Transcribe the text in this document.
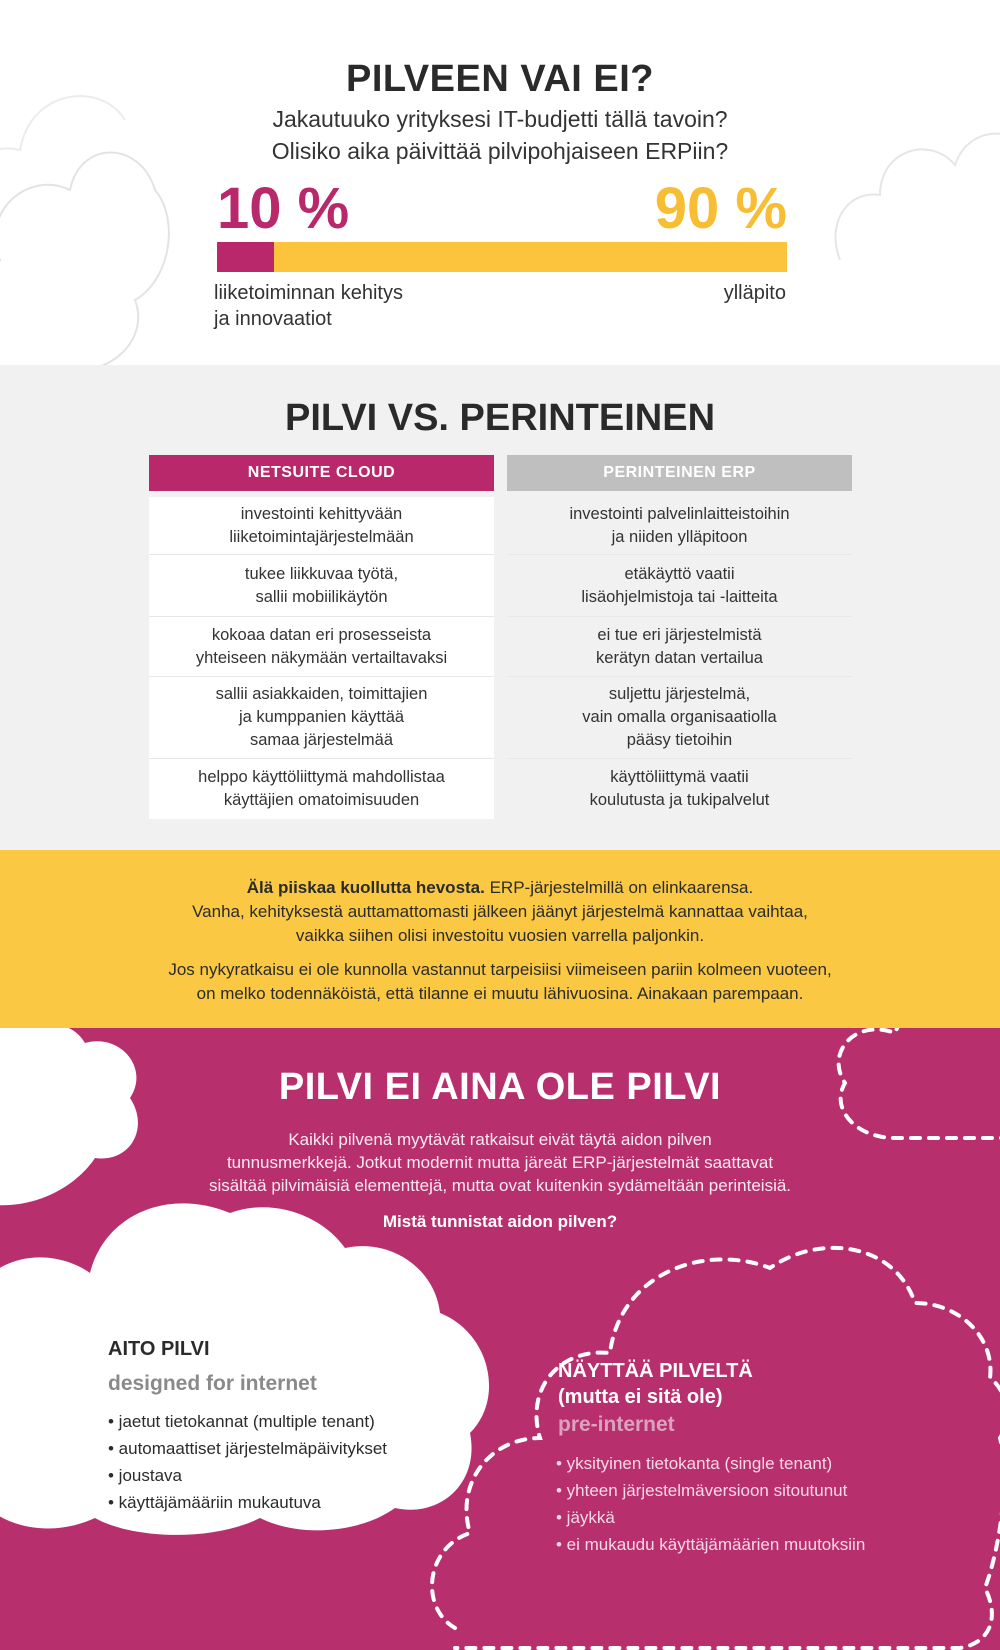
PILVEEN VAI EI?
Jakautuuko yrityksesi IT-budjetti tällä tavoin?
Olisiko aika päivittää pilvipohjaiseen ERPiin?
10 %	90 %
liiketoiminnan kehitys
ja innovaatiot
ylläpito
PILVI VS. PERINTEINEN
NETSUITE CLOUD
investointi kehittyvään
liiketoimintajärjestelmään
tukee liikkuvaa työtä,
sallii mobiilikäytön
kokoaa datan eri prosesseista
yhteiseen näkymään vertailtavaksi
sallii asiakkaiden, toimittajien
ja kumppanien käyttää
samaa järjestelmää
helppo käyttöliittymä mahdollistaa
käyttäjien omatoimisuuden
PERINTEINEN ERP
investointi palvelinlaitteistoihin
ja niiden ylläpitoon
etäkäyttö vaatii
lisäohjelmistoja tai -laitteita
ei tue eri järjestelmistä
kerätyn datan vertailua
suljettu järjestelmä,
vain omalla organisaatiolla
pääsy tietoihin
käyttöliittymä vaatii
koulutusta ja tukipalvelut
Älä piiskaa kuollutta hevosta. ERP-järjestelmillä on elinkaarensa.
Vanha, kehityksestä auttamattomasti jälkeen jäänyt järjestelmä kannattaa vaihtaa,
vaikka siihen olisi investoitu vuosien varrella paljonkin.
Jos nykyratkaisu ei ole kunnolla vastannut tarpeisiisi viimeiseen pariin kolmeen vuoteen,
on melko todennäköistä, että tilanne ei muutu lähivuosina. Ainakaan parempaan.
PILVI EI AINA OLE PILVI
Kaikki pilvenä myytävät ratkaisut eivät täytä aidon pilven
tunnusmerkkejä. Jotkut modernit mutta järeät ERP-järjestelmät saattavat
sisältää pilvimäisiä elementtejä, mutta ovat kuitenkin sydämeltään perinteisiä.
Mistä tunnistat aidon pilven?
AITO PILVI
designed for internet
• jaetut tietokannat (multiple tenant)
• automaattiset järjestelmäpäivitykset
• joustava
• käyttäjämääriin mukautuva
NÄYTTÄÄ PILVELTÄ
(mutta ei sitä ole)
pre-internet
• yksityinen tietokanta (single tenant)
• yhteen järjestelmäversioon sitoutunut
• jäykkä
• ei mukaudu käyttäjämäärien muutoksiin
